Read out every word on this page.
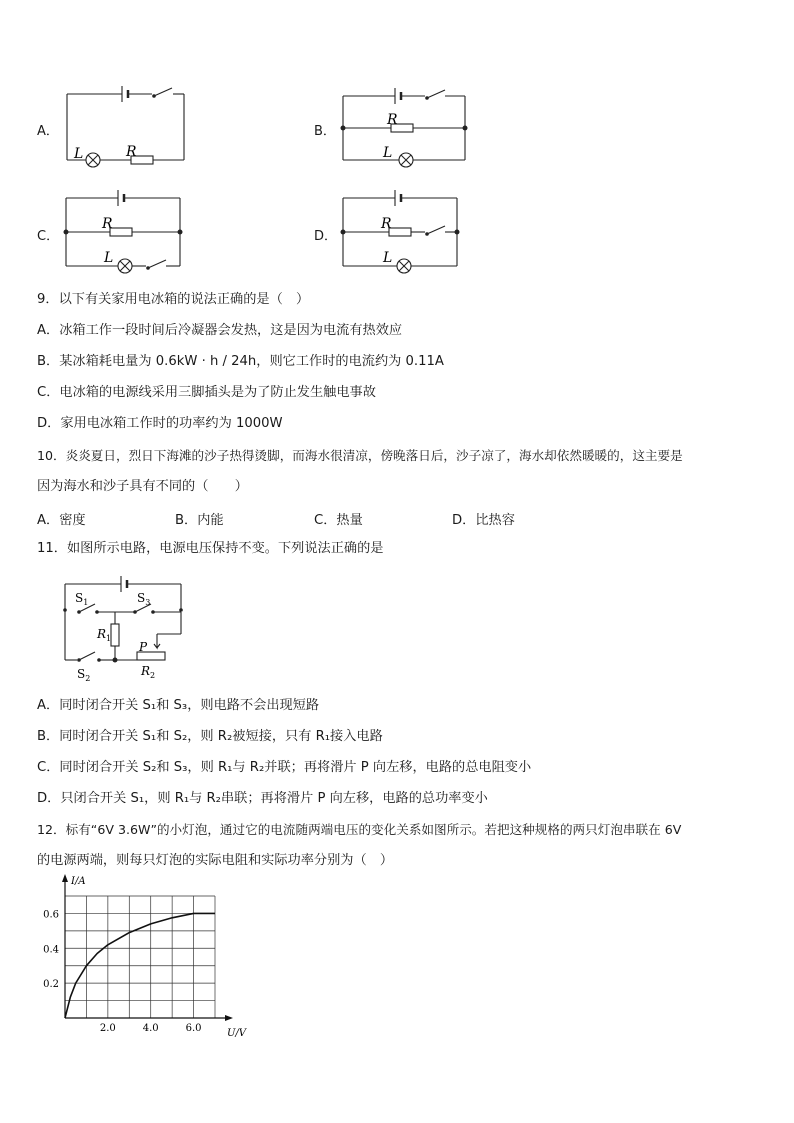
A．
L	R
B．
R
L
C．
R
L
D．
R
L
9．以下有关家用电冰箱的说法正确的是（　）
A．冰箱工作一段时间后冷凝器会发热，这是因为电流有热效应
B．某冰箱耗电量为 0.6kW · h / 24h，则它工作时的电流约为 0.11A
C．电冰箱的电源线采用三脚插头是为了防止发生触电事故
D．家用电冰箱工作时的功率约为 1000W
10．炎炎夏日，烈日下海滩的沙子热得烫脚，而海水很清凉，傍晚落日后，沙子凉了，海水却依然暖暖的，这主要是
因为海水和沙子具有不同的（　　）
A．密度	B．内能	C．热量	D．比热容
11．如图所示电路，电源电压保持不变。下列说法正确的是
$S_1$	$S_3$
$R_1$
P
$R_2$
$S_2$
A．同时闭合开关 S₁和 S₃，则电路不会出现短路
B．同时闭合开关 S₁和 S₂，则 R₂被短接，只有 R₁接入电路
C．同时闭合开关 S₂和 S₃，则 R₁与 R₂并联；再将滑片 P 向左移，电路的总电阻变小
D．只闭合开关 S₁，则 R₁与 R₂串联；再将滑片 P 向左移，电路的总功率变小
12．标有“6V 3.6W”的小灯泡，通过它的电流随两端电压的变化关系如图所示。若把这种规格的两只灯泡串联在 6V
的电源两端，则每只灯泡的实际电阻和实际功率分别为（　）
2.0	4.0	6.0
0.2
0.4
0.6
U/V
I/A
